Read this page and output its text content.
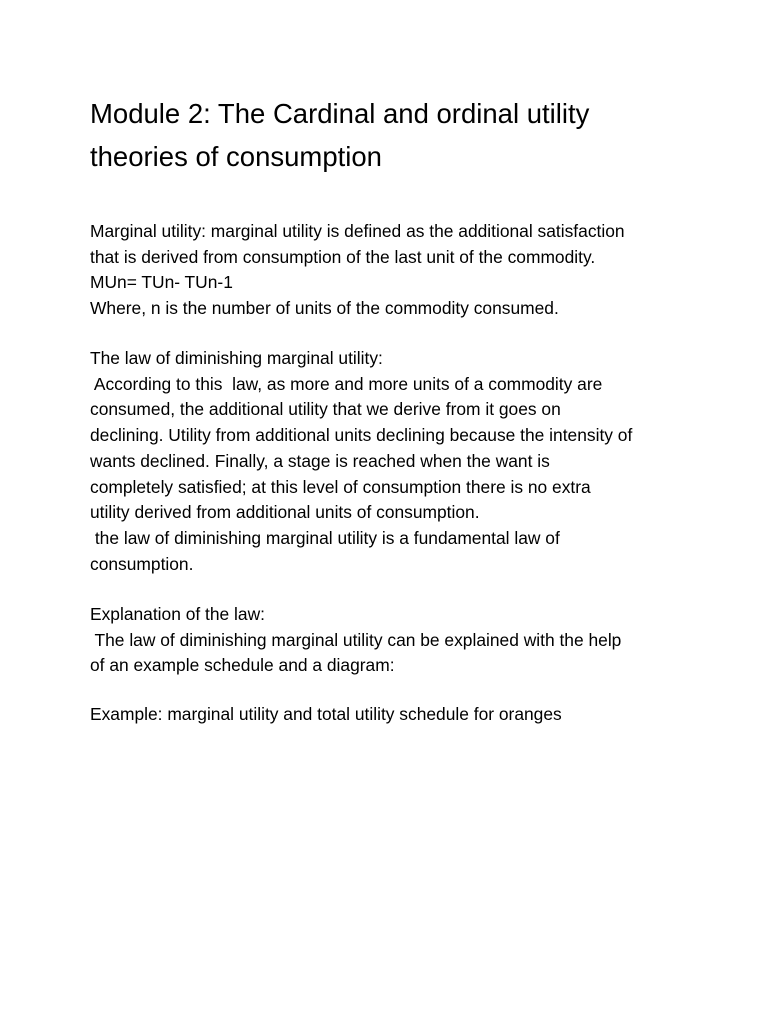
Module 2: The Cardinal and ordinal utility
theories of consumption
Marginal utility: marginal utility is defined as the additional satisfaction
that is derived from consumption of the last unit of the commodity.
MUn= TUn- TUn-1
Where, n is the number of units of the commodity consumed.
The law of diminishing marginal utility:
According to this  law, as more and more units of a commodity are
consumed, the additional utility that we derive from it goes on
declining. Utility from additional units declining because the intensity of
wants declined. Finally, a stage is reached when the want is
completely satisfied; at this level of consumption there is no extra
utility derived from additional units of consumption.
the law of diminishing marginal utility is a fundamental law of
consumption.
Explanation of the law:
The law of diminishing marginal utility can be explained with the help
of an example schedule and a diagram:
Example: marginal utility and total utility schedule for oranges
